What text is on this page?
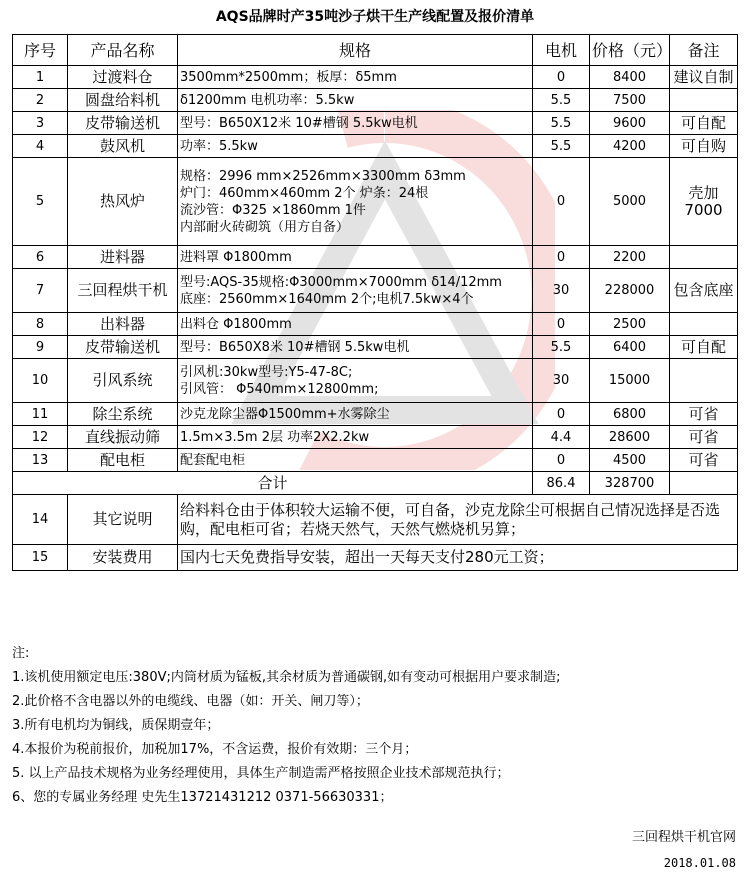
AQS品牌时产35吨沙子烘干生产线配置及报价清单
序号	产品名称	规格	电机	价格（元）	备注
1	过渡料仓	3500mm*2500mm；板厚：δ5mm	0	8400	建议自制
2	圆盘给料机	δ1200mm 电机功率：5.5kw	5.5	7500	
3	皮带输送机	型号：B650X12米 10#槽钢 5.5kw电机	5.5	9600	可自配
4	鼓风机	功率：5.5kw	5.5	4200	可自购
5	热风炉	规格：2996 mm×2526mm×3300mm δ3mm
炉门：460mm×460mm 2个 炉条：24根
流沙管：Φ325 ×1860mm 1件
内部耐火砖砌筑（用方自备）	0	5000	壳加7000
6	进料器	进料罩 Φ1800mm	0	2200	
7	三回程烘干机	型号:AQS-35规格:Φ3000mm×7000mm δ14/12mm
底座：2560mm×1640mm 2个;电机7.5kw×4个	30	228000	包含底座
8	出料器	出料仓 Φ1800mm	0	2500	
9	皮带输送机	型号：B650X8米 10#槽钢 5.5kw电机	5.5	6400	可自配
10	引风系统	引风机:30kw型号:Y5-47-8C;
引风管： Φ540mm×12800mm;	30	15000	
11	除尘系统	沙克龙除尘器Φ1500mm+水雾除尘	0	6800	可省
12	直线振动筛	1.5m×3.5m 2层 功率2X2.2kw	4.4	28600	可省
13	配电柜	配套配电柜	0	4500	可省
合计			86.4	328700	
14	其它说明	给料料仓由于体积较大运输不便，可自备，沙克龙除尘可根据自己情况选择是否选购，配电柜可省；若烧天然气，天然气燃烧机另算；			
15	安装费用	国内七天免费指导安装，超出一天每天支付280元工资；			
注:
1.该机使用额定电压:380V;内筒材质为锰板,其余材质为普通碳钢,如有变动可根据用户要求制造;
2.此价格不含电器以外的电缆线、电器（如：开关、闸刀等）；
3.所有电机均为铜线，质保期壹年；
4.本报价为税前报价，加税加17%，不含运费，报价有效期：三个月；
5. 以上产品技术规格为业务经理使用，具体生产制造需严格按照企业技术部规范执行；
6、您的专属业务经理 史先生13721431212 0371-56630331；
三回程烘干机官网
2018.01.08
